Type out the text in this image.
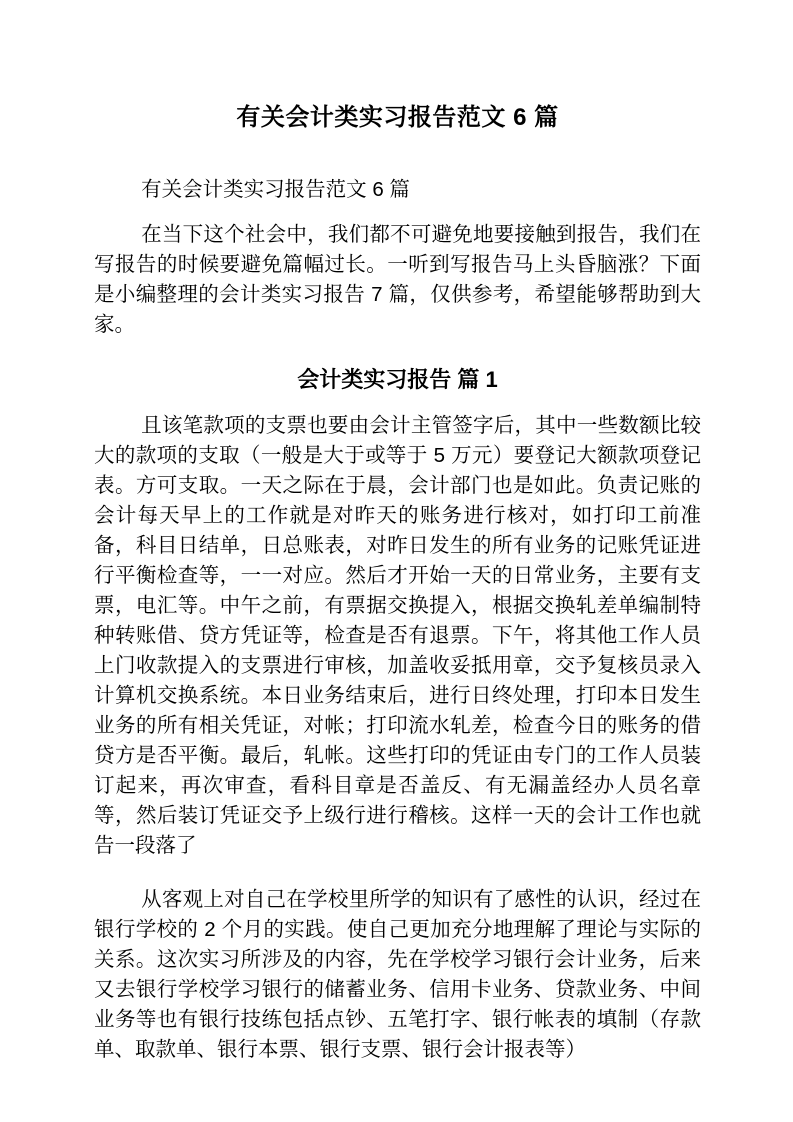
有关会计类实习报告范文 6 篇

有关会计类实习报告范文 6 篇

在当下这个社会中，我们都不可避免地要接触到报告，我们在写报告的时候要避免篇幅过长。一听到写报告马上头昏脑涨？下面是小编整理的会计类实习报告 7 篇，仅供参考，希望能够帮助到大家。

会计类实习报告 篇 1

且该笔款项的支票也要由会计主管签字后，其中一些数额比较大的款项的支取（一般是大于或等于 5 万元）要登记大额款项登记表。方可支取。一天之际在于晨，会计部门也是如此。负责记账的会计每天早上的工作就是对昨天的账务进行核对，如打印工前准备，科目日结单，日总账表，对昨日发生的所有业务的记账凭证进行平衡检查等，一一对应。然后才开始一天的日常业务，主要有支票，电汇等。中午之前，有票据交换提入，根据交换轧差单编制特种转账借、贷方凭证等，检查是否有退票。下午，将其他工作人员上门收款提入的支票进行审核，加盖收妥抵用章，交予复核员录入计算机交换系统。本日业务结束后，进行日终处理，打印本日发生业务的所有相关凭证，对帐；打印流水轧差，检查今日的账务的借贷方是否平衡。最后，轧帐。这些打印的凭证由专门的工作人员装订起来，再次审查，看科目章是否盖反、有无漏盖经办人员名章等，然后装订凭证交予上级行进行稽核。这样一天的会计工作也就告一段落了

从客观上对自己在学校里所学的知识有了感性的认识，经过在银行学校的 2 个月的实践。使自己更加充分地理解了理论与实际的关系。这次实习所涉及的内容，先在学校学习银行会计业务，后来又去银行学校学习银行的储蓄业务、信用卡业务、贷款业务、中间业务等也有银行技练包括点钞、五笔打字、银行帐表的填制（存款单、取款单、银行本票、银行支票、银行会计报表等）
